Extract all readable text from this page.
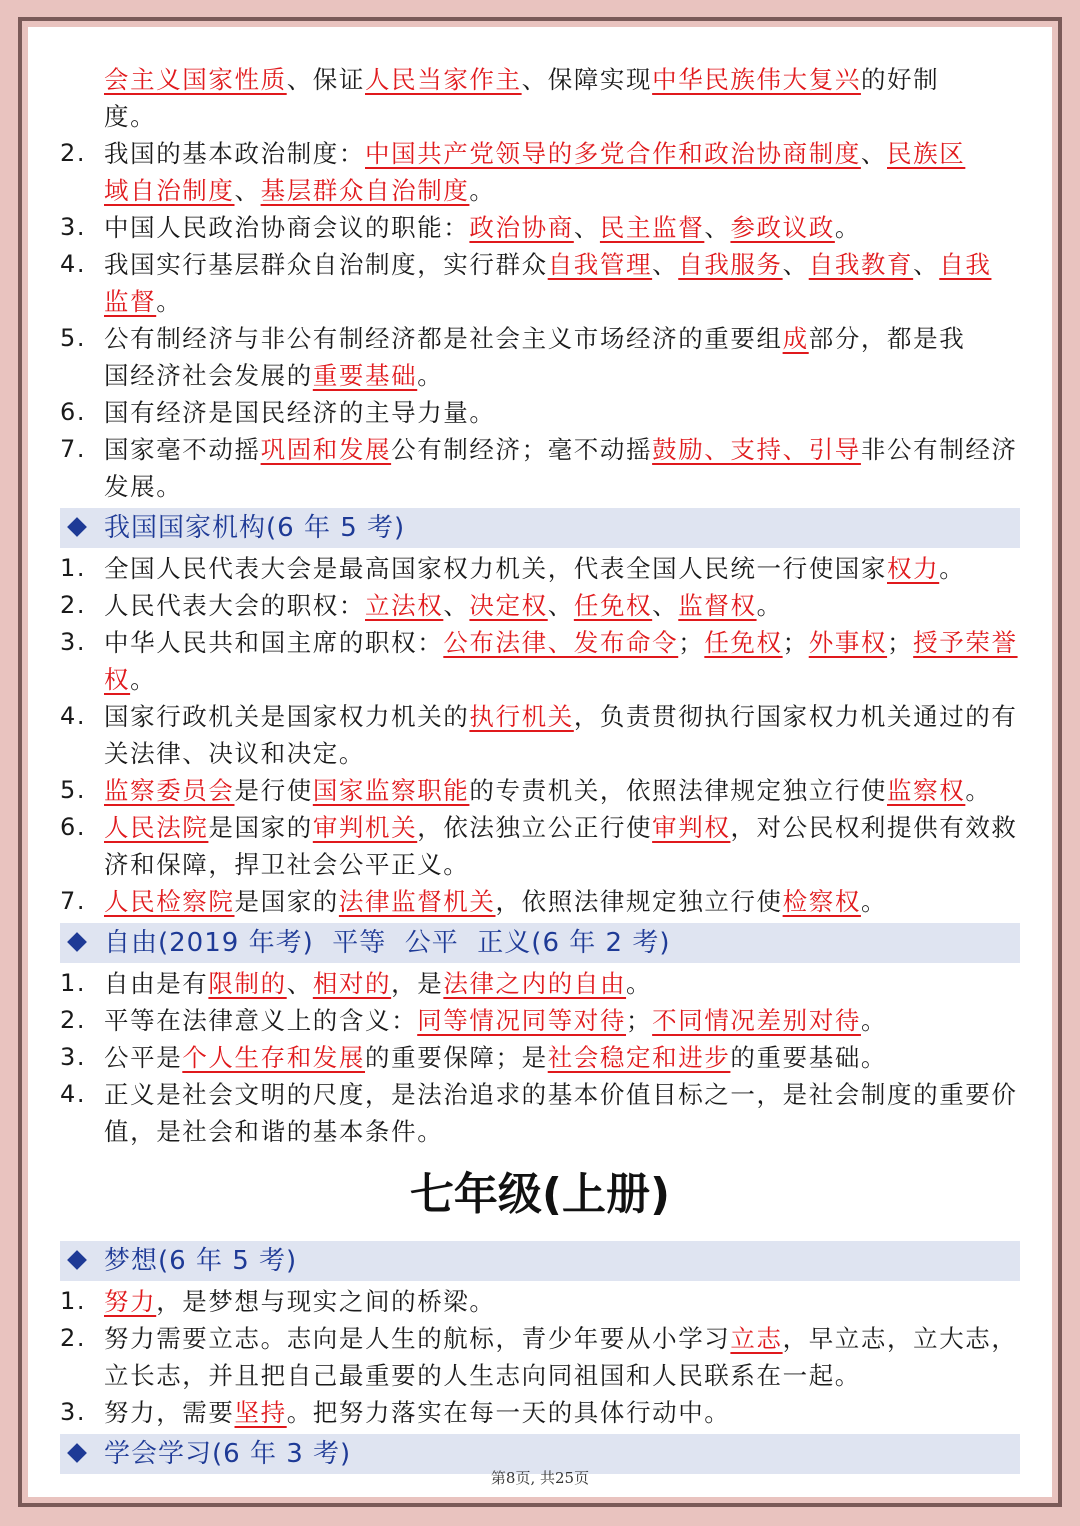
会主义国家性质、保证人民当家作主、保障实现中华民族伟大复兴的好制
度。
2. 我国的基本政治制度：中国共产党领导的多党合作和政治协商制度、民族区
域自治制度、基层群众自治制度。
3. 中国人民政治协商会议的职能：政治协商、民主监督、参政议政。
4. 我国实行基层群众自治制度，实行群众自我管理、自我服务、自我教育、自我
监督。
5. 公有制经济与非公有制经济都是社会主义市场经济的重要组成部分，都是我
国经济社会发展的重要基础。
6. 国有经济是国民经济的主导力量。
7. 国家毫不动摇巩固和发展公有制经济；毫不动摇鼓励、支持、引导非公有制经济
发展。
我国国家机构(6 年 5 考)
1. 全国人民代表大会是最高国家权力机关，代表全国人民统一行使国家权力。
2. 人民代表大会的职权：立法权、决定权、任免权、监督权。
3. 中华人民共和国主席的职权：公布法律、发布命令；任免权；外事权；授予荣誉
权。
4. 国家行政机关是国家权力机关的执行机关，负责贯彻执行国家权力机关通过的有
关法律、决议和决定。
5. 监察委员会是行使国家监察职能的专责机关，依照法律规定独立行使监察权。
6. 人民法院是国家的审判机关，依法独立公正行使审判权，对公民权利提供有效救
济和保障，捍卫社会公平正义。
7. 人民检察院是国家的法律监督机关，依照法律规定独立行使检察权。
自由(2019 年考)  平等  公平  正义(6 年 2 考)
1. 自由是有限制的、相对的，是法律之内的自由。
2. 平等在法律意义上的含义：同等情况同等对待；不同情况差别对待。
3. 公平是个人生存和发展的重要保障；是社会稳定和进步的重要基础。
4. 正义是社会文明的尺度，是法治追求的基本价值目标之一，是社会制度的重要价
值，是社会和谐的基本条件。
七年级(上册)
梦想(6 年 5 考)
1. 努力，是梦想与现实之间的桥梁。
2. 努力需要立志。志向是人生的航标，青少年要从小学习立志，早立志，立大志，
立长志，并且把自己最重要的人生志向同祖国和人民联系在一起。
3. 努力，需要坚持。把努力落实在每一天的具体行动中。
学会学习(6 年 3 考)
第8页, 共25页
